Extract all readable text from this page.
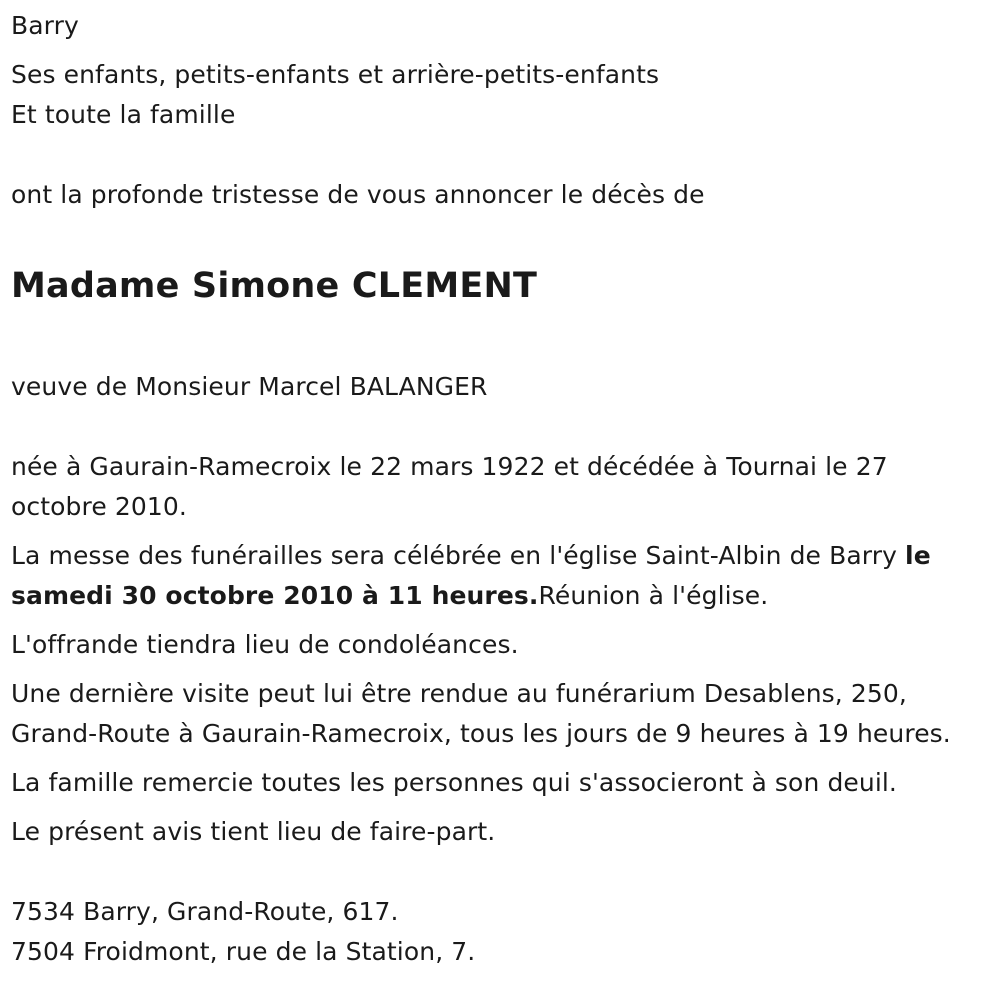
Barry
Ses enfants, petits-enfants et arrière-petits-enfants
Et toute la famille
ont la profonde tristesse de vous annoncer le décès de
Madame Simone CLEMENT
veuve de Monsieur Marcel BALANGER
née à Gaurain-Ramecroix le 22 mars 1922 et décédée à Tournai le 27 octobre 2010.
La messe des funérailles sera célébrée en l'église Saint-Albin de Barry le samedi 30 octobre 2010 à 11 heures.Réunion à l'église.
L'offrande tiendra lieu de condoléances.
Une dernière visite peut lui être rendue au funérarium Desablens, 250, Grand-Route à Gaurain-Ramecroix, tous les jours de 9 heures à 19 heures.
La famille remercie toutes les personnes qui s'associeront à son deuil.
Le présent avis tient lieu de faire-part.
7534 Barry, Grand-Route, 617.
7504 Froidmont, rue de la Station, 7.
